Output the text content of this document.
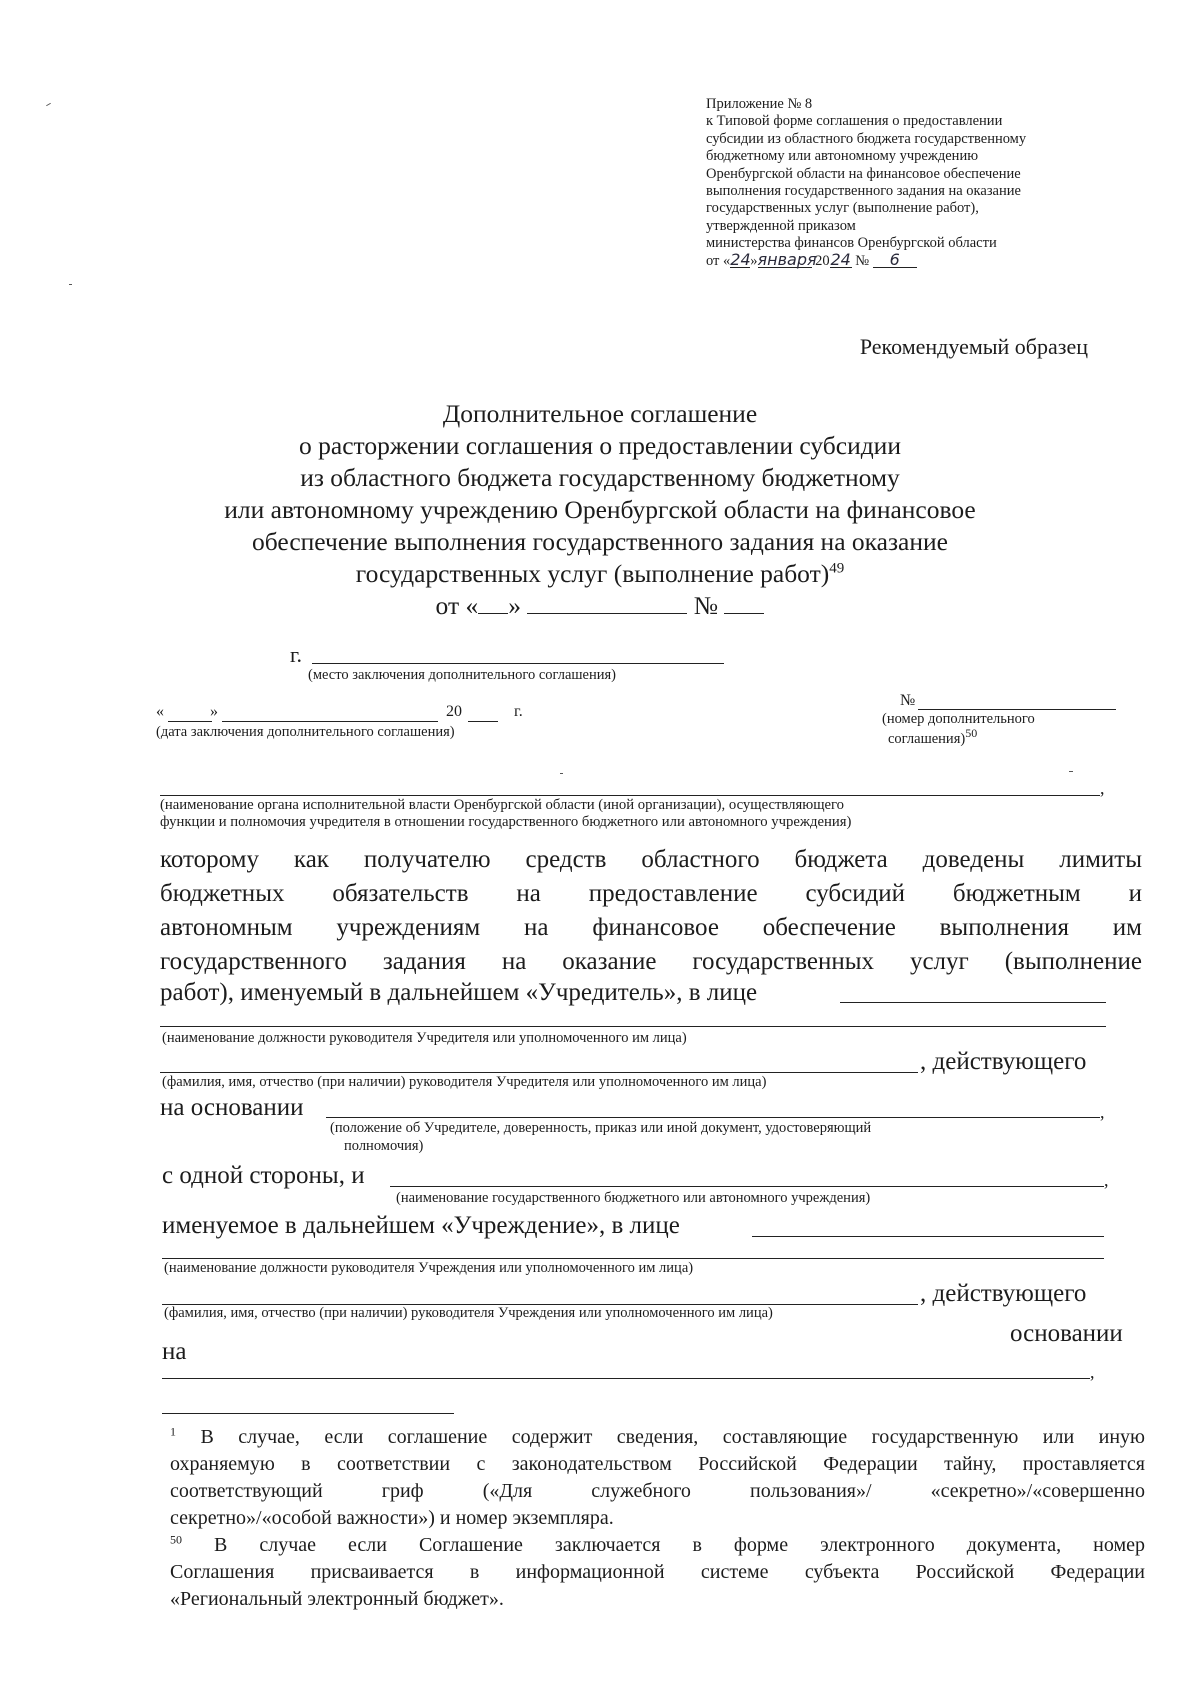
Приложение № 8
к Типовой форме соглашения о предоставлении
субсидии из областного бюджета государственному
бюджетному или автономному учреждению
Оренбургской области на финансовое обеспечение
выполнения государственного задания на оказание
государственных услуг (выполнение работ),
утвержденной приказом
министерства финансов Оренбургской области
от «24»января 2024 № 6
Рекомендуемый образец
Дополнительное соглашение
о расторжении соглашения о предоставлении субсидии
из областного бюджета государственному бюджетному
или автономному учреждению Оренбургской области на финансовое
обеспечение выполнения государственного задания на оказание
государственных услуг (выполнение работ)$^{49}$
от « »	№
г.
(место заключения дополнительного соглашения)
«	»	20	г.
(дата заключения дополнительного соглашения)
№
(номер дополнительного
соглашения)$^{50}$
,
(наименование органа исполнительной власти Оренбургской области (иной организации), осуществляющего
функции и полномочия учредителя в отношении государственного бюджетного или автономного учреждения)
которому как получателю средств областного бюджета доведены лимиты
бюджетных обязательств на предоставление субсидий бюджетным и
автономным учреждениям на финансовое обеспечение выполнения им
государственного задания на оказание государственных услуг (выполнение
работ), именуемый в дальнейшем «Учредитель», в лице
(наименование должности руководителя Учредителя или уполномоченного им лица)
, действующего
(фамилия, имя, отчество (при наличии) руководителя Учредителя или уполномоченного им лица)
на основании	,
(положение об Учредителе, доверенность, приказ или иной документ, удостоверяющий
полномочия)
с одной стороны, и	,
(наименование государственного бюджетного или автономного учреждения)
именуемое в дальнейшем «Учреждение», в лице
(наименование должности руководителя Учреждения или уполномоченного им лица)
, действующего
(фамилия, имя, отчество (при наличии) руководителя Учреждения или уполномоченного им лица)
основании
на
,
$^1$ В случае, если соглашение содержит сведения, составляющие государственную или иную
охраняемую в соответствии с законодательством Российской Федерации тайну, проставляется
соответствующий гриф («Для служебного пользования»/ «секретно»/«совершенно
секретно»/«особой важности») и номер экземпляра.
$^{50}$ В случае если Соглашение заключается в форме электронного документа, номер
Соглашения присваивается в информационной системе субъекта Российской Федерации
«Региональный электронный бюджет».
